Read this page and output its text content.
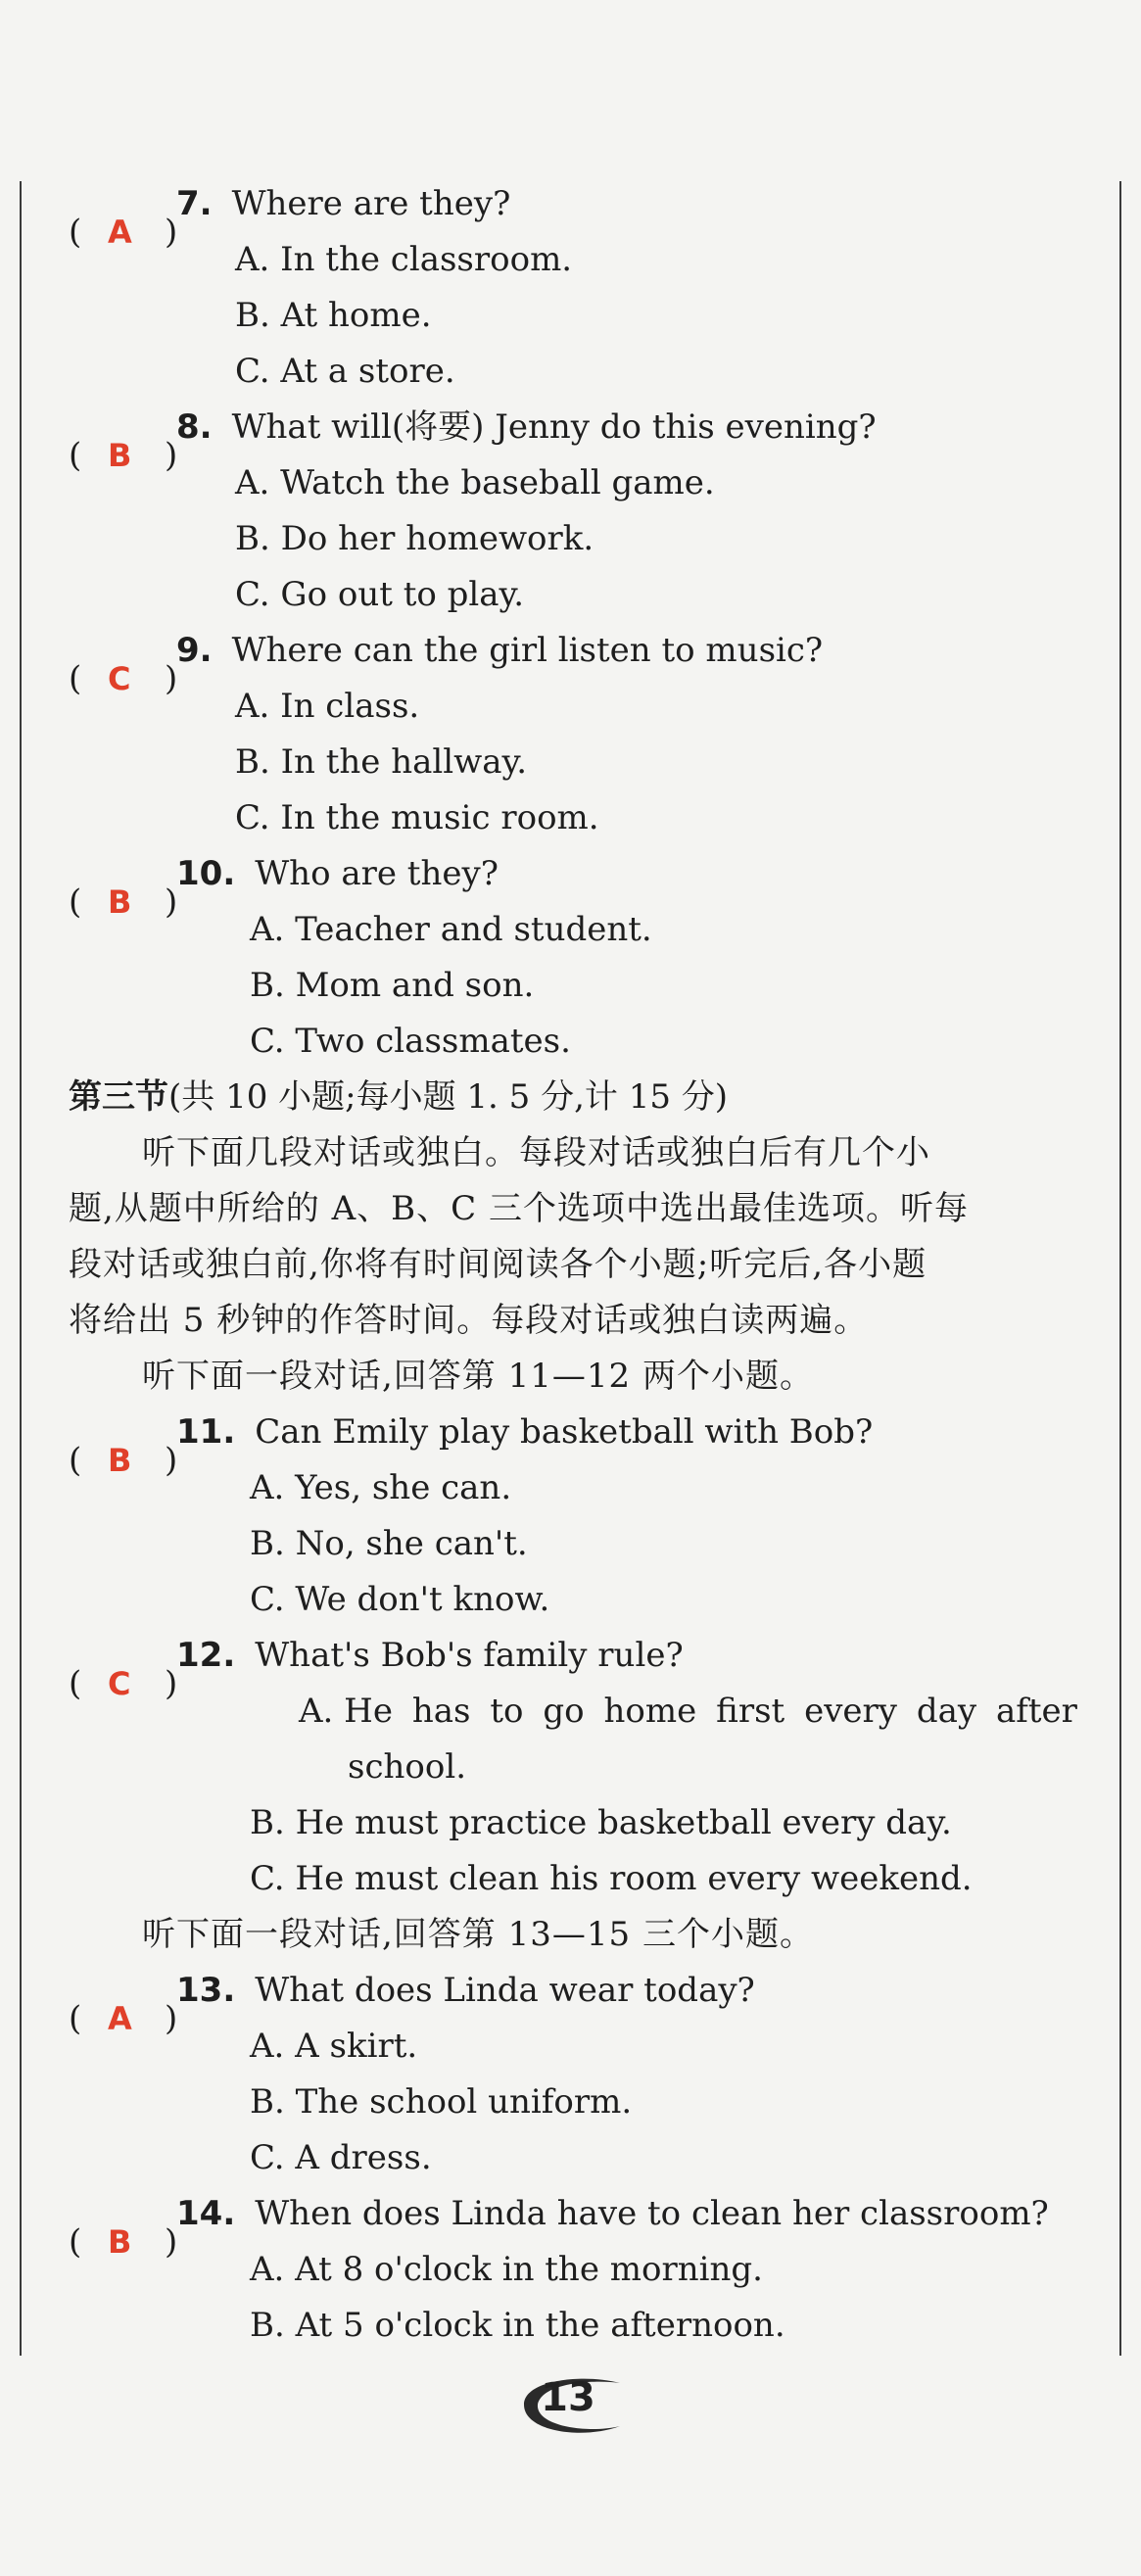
( A )
7. Where are they?
A. In the classroom.
B. At home.
C. At a store.
( B )
8. What will(将要) Jenny do this evening?
A. Watch the baseball game.
B. Do her homework.
C. Go out to play.
( C )
9. Where can the girl listen to music?
A. In class.
B. In the hallway.
C. In the music room.
( B )
10. Who are they?
A. Teacher and student.
B. Mom and son.
C. Two classmates.
第三节(共 10 小题;每小题 1. 5 分,计 15 分)
听下面几段对话或独白。每段对话或独白后有几个小
题,从题中所给的 A、B、C 三个选项中选出最佳选项。听每
段对话或独白前,你将有时间阅读各个小题;听完后,各小题
将给出 5 秒钟的作答时间。每段对话或独白读两遍。
听下面一段对话,回答第 11—12 两个小题。
( B )
11. Can Emily play basketball with Bob?
A. Yes, she can.
B. No, she can't.
C. We don't know.
( C )
12. What's Bob's family rule?
A. He has to go home first every day after
school.
B. He must practice basketball every day.
C. He must clean his room every weekend.
听下面一段对话,回答第 13—15 三个小题。
( A )
13. What does Linda wear today?
A. A skirt.
B. The school uniform.
C. A dress.
( B )
14. When does Linda have to clean her classroom?
A. At 8 o'clock in the morning.
B. At 5 o'clock in the afternoon.
13
